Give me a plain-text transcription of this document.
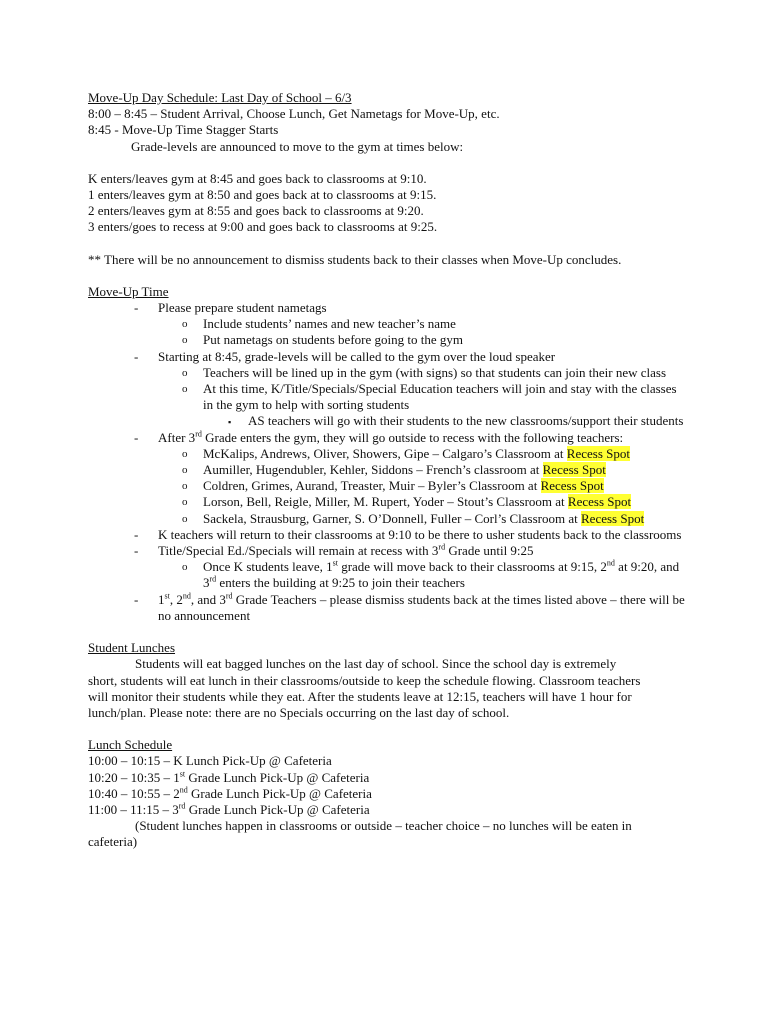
Move-Up Day Schedule: Last Day of School – 6/3
8:00 – 8:45 – Student Arrival, Choose Lunch, Get Nametags for Move-Up, etc.
8:45 - Move-Up Time Stagger Starts
Grade-levels are announced to move to the gym at times below:
K enters/leaves gym at 8:45 and goes back to classrooms at 9:10.
1 enters/leaves gym at 8:50 and goes back at to classrooms at 9:15.
2 enters/leaves gym at 8:55 and goes back to classrooms at 9:20.
3 enters/goes to recess at 9:00 and goes back to classrooms at 9:25.
** There will be no announcement to dismiss students back to their classes when Move-Up concludes.
Move-Up Time
- Please prepare student nametags
o Include students’ names and new teacher’s name
o Put nametags on students before going to the gym
- Starting at 8:45, grade-levels will be called to the gym over the loud speaker
o Teachers will be lined up in the gym (with signs) so that students can join their new class
o At this time, K/Title/Specials/Special Education teachers will join and stay with the classes in the gym to help with sorting students
▪ AS teachers will go with their students to the new classrooms/support their students
- After 3rd Grade enters the gym, they will go outside to recess with the following teachers:
o McKalips, Andrews, Oliver, Showers, Gipe – Calgaro’s Classroom at Recess Spot
o Aumiller, Hugendubler, Kehler, Siddons – French’s classroom at Recess Spot
o Coldren, Grimes, Aurand, Treaster, Muir – Byler’s Classroom at Recess Spot
o Lorson, Bell, Reigle, Miller, M. Rupert, Yoder – Stout’s Classroom at Recess Spot
o Sackela, Strausburg, Garner, S. O’Donnell, Fuller – Corl’s Classroom at Recess Spot
- K teachers will return to their classrooms at 9:10 to be there to usher students back to the classrooms
- Title/Special Ed./Specials will remain at recess with 3rd Grade until 9:25
o Once K students leave, 1st grade will move back to their classrooms at 9:15, 2nd at 9:20, and 3rd enters the building at 9:25 to join their teachers
- 1st, 2nd, and 3rd Grade Teachers – please dismiss students back at the times listed above – there will be no announcement
Student Lunches
Students will eat bagged lunches on the last day of school. Since the school day is extremely short, students will eat lunch in their classrooms/outside to keep the schedule flowing. Classroom teachers will monitor their students while they eat. After the students leave at 12:15, teachers will have 1 hour for lunch/plan. Please note: there are no Specials occurring on the last day of school.
Lunch Schedule
10:00 – 10:15 – K Lunch Pick-Up @ Cafeteria
10:20 – 10:35 – 1st Grade Lunch Pick-Up @ Cafeteria
10:40 – 10:55 – 2nd Grade Lunch Pick-Up @ Cafeteria
11:00 – 11:15 – 3rd Grade Lunch Pick-Up @ Cafeteria
(Student lunches happen in classrooms or outside – teacher choice – no lunches will be eaten in cafeteria)
